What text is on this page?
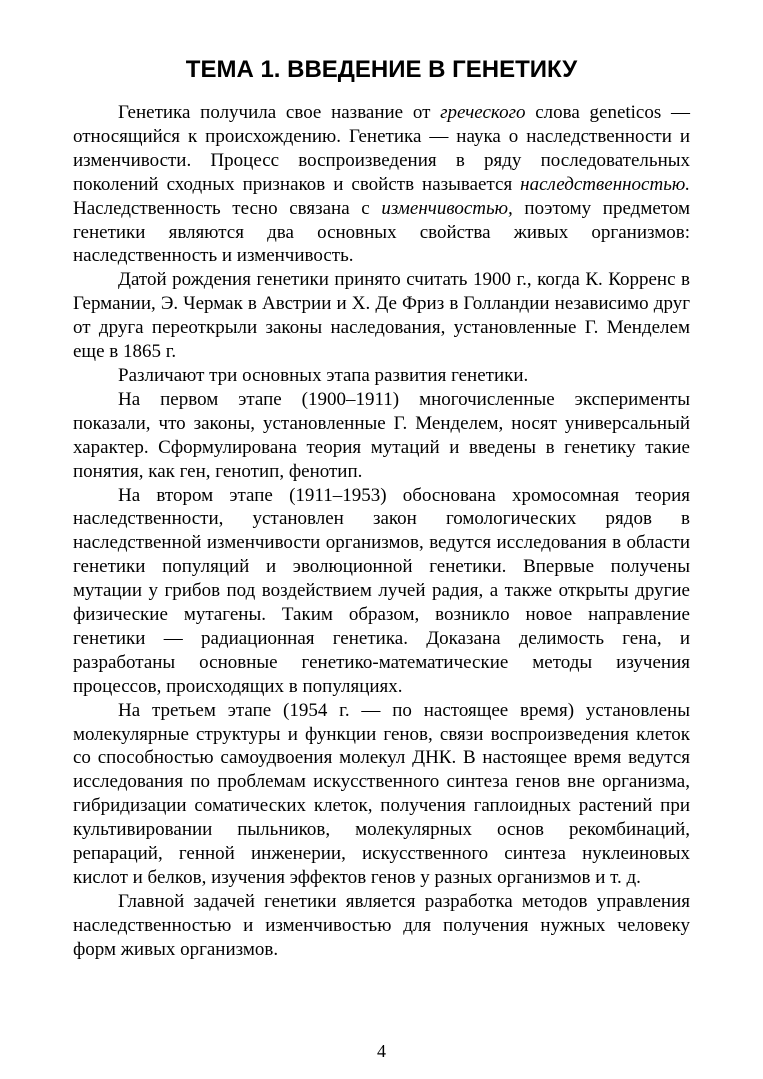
ТЕМА 1. ВВЕДЕНИЕ В ГЕНЕТИКУ

Генетика получила свое название от греческого слова geneticos — относящийся к происхождению. Генетика — наука о наследственности и изменчивости. Процесс воспроизведения в ряду последовательных поколений сходных признаков и свойств называется наследственностью. Наследственность тесно связана с изменчивостью, поэтому предметом генетики являются два основных свойства живых организмов: наследственность и изменчивость.

Датой рождения генетики принято считать 1900 г., когда К. Корренс в Германии, Э. Чермак в Австрии и Х. Де Фриз в Голландии независимо друг от друга переоткрыли законы наследования, установленные Г. Менделем еще в 1865 г.

Различают три основных этапа развития генетики.

На первом этапе (1900–1911) многочисленные эксперименты показали, что законы, установленные Г. Менделем, носят универсальный характер. Сформулирована теория мутаций и введены в генетику такие понятия, как ген, генотип, фенотип.

На втором этапе (1911–1953) обоснована хромосомная теория наследственности, установлен закон гомологических рядов в наследственной изменчивости организмов, ведутся исследования в области генетики популяций и эволюционной генетики. Впервые получены мутации у грибов под воздействием лучей радия, а также открыты другие физические мутагены. Таким образом, возникло новое направление генетики — радиационная генетика. Доказана делимость гена, и разработаны основные генетико-математические методы изучения процессов, происходящих в популяциях.

На третьем этапе (1954 г. — по настоящее время) установлены молекулярные структуры и функции генов, связи воспроизведения клеток со способностью самоудвоения молекул ДНК. В настоящее время ведутся исследования по проблемам искусственного синтеза генов вне организма, гибридизации соматических клеток, получения гаплоидных растений при культивировании пыльников, молекулярных основ рекомбинаций, репараций, генной инженерии, искусственного синтеза нуклеиновых кислот и белков, изучения эффектов генов у разных организмов и т. д.

Главной задачей генетики является разработка методов управления наследственностью и изменчивостью для получения нужных человеку форм живых организмов.

4
